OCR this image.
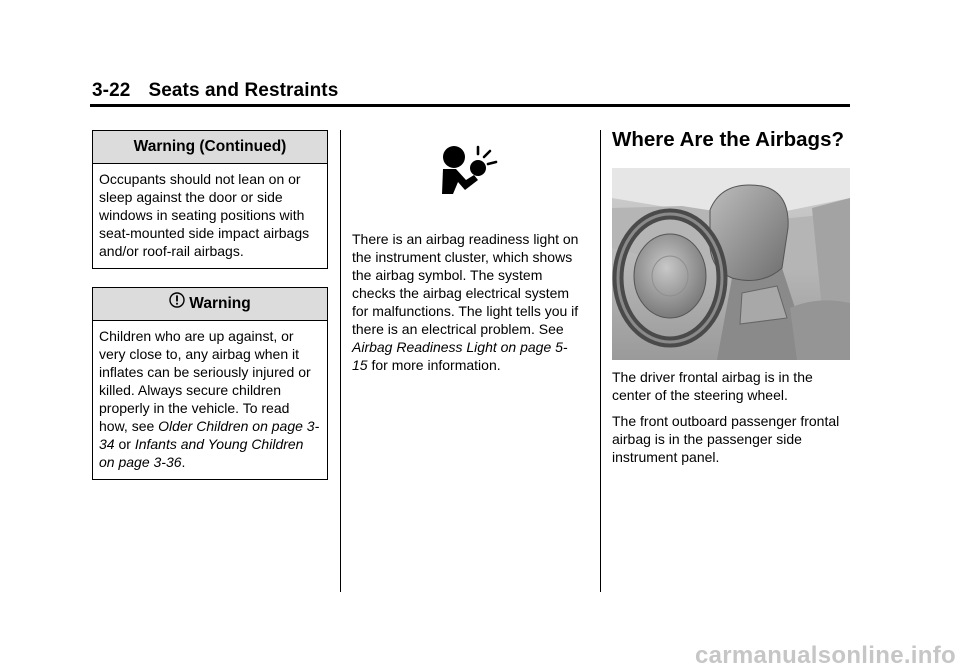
3-22 Seats and Restraints
Warning (Continued)
Occupants should not lean on or sleep against the door or side windows in seating positions with seat-mounted side impact airbags and/or roof-rail airbags.
Warning
Children who are up against, or very close to, any airbag when it inflates can be seriously injured or killed. Always secure children properly in the vehicle. To read how, see Older Children on page 3-34 or Infants and Young Children on page 3-36.

There is an airbag readiness light on the instrument cluster, which shows the airbag symbol. The system checks the airbag electrical system for malfunctions. The light tells you if there is an electrical problem. See Airbag Readiness Light on page 5-15 for more information.

Where Are the Airbags?

The driver frontal airbag is in the center of the steering wheel.

The front outboard passenger frontal airbag is in the passenger side instrument panel.

carmanualsonline.info
